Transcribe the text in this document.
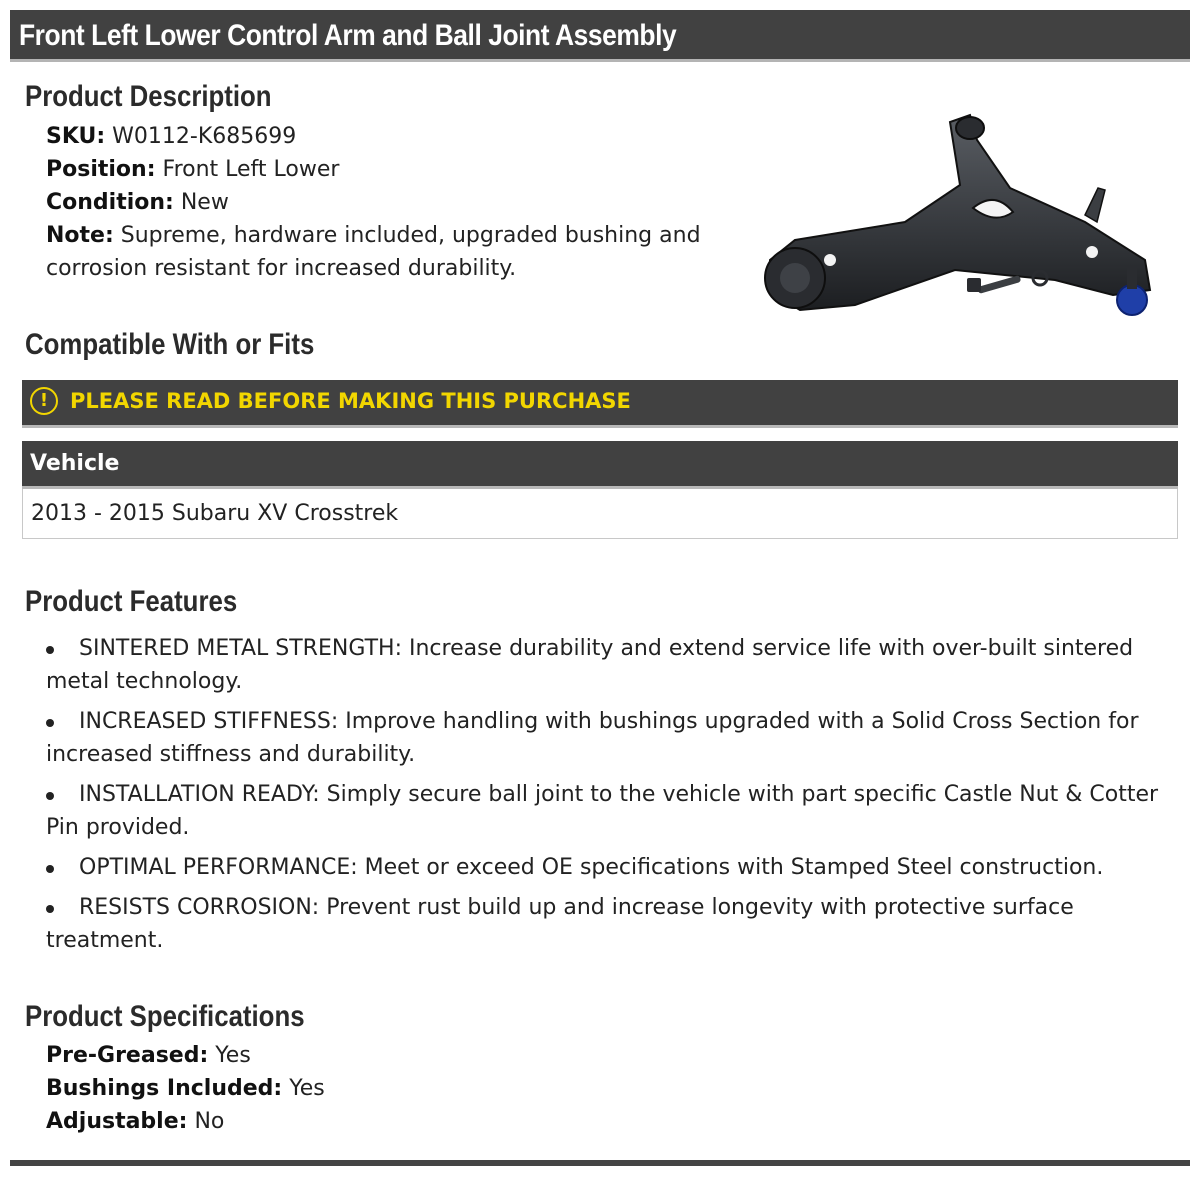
Front Left Lower Control Arm and Ball Joint Assembly
Product Description
SKU: W0112-K685699
Position: Front Left Lower
Condition: New
Note: Supreme, hardware included, upgraded bushing and corrosion resistant for increased durability.
Compatible With or Fits
!	PLEASE READ BEFORE MAKING THIS PURCHASE
Vehicle
2013 - 2015 Subaru XV Crosstrek
Product Features
SINTERED METAL STRENGTH: Increase durability and extend service life with over-built sintered metal technology.
INCREASED STIFFNESS: Improve handling with bushings upgraded with a Solid Cross Section for increased stiffness and durability.
INSTALLATION READY: Simply secure ball joint to the vehicle with part specific Castle Nut & Cotter Pin provided.
OPTIMAL PERFORMANCE: Meet or exceed OE specifications with Stamped Steel construction.
RESISTS CORROSION: Prevent rust build up and increase longevity with protective surface treatment.
Product Specifications
Pre-Greased: Yes
Bushings Included: Yes
Adjustable: No
